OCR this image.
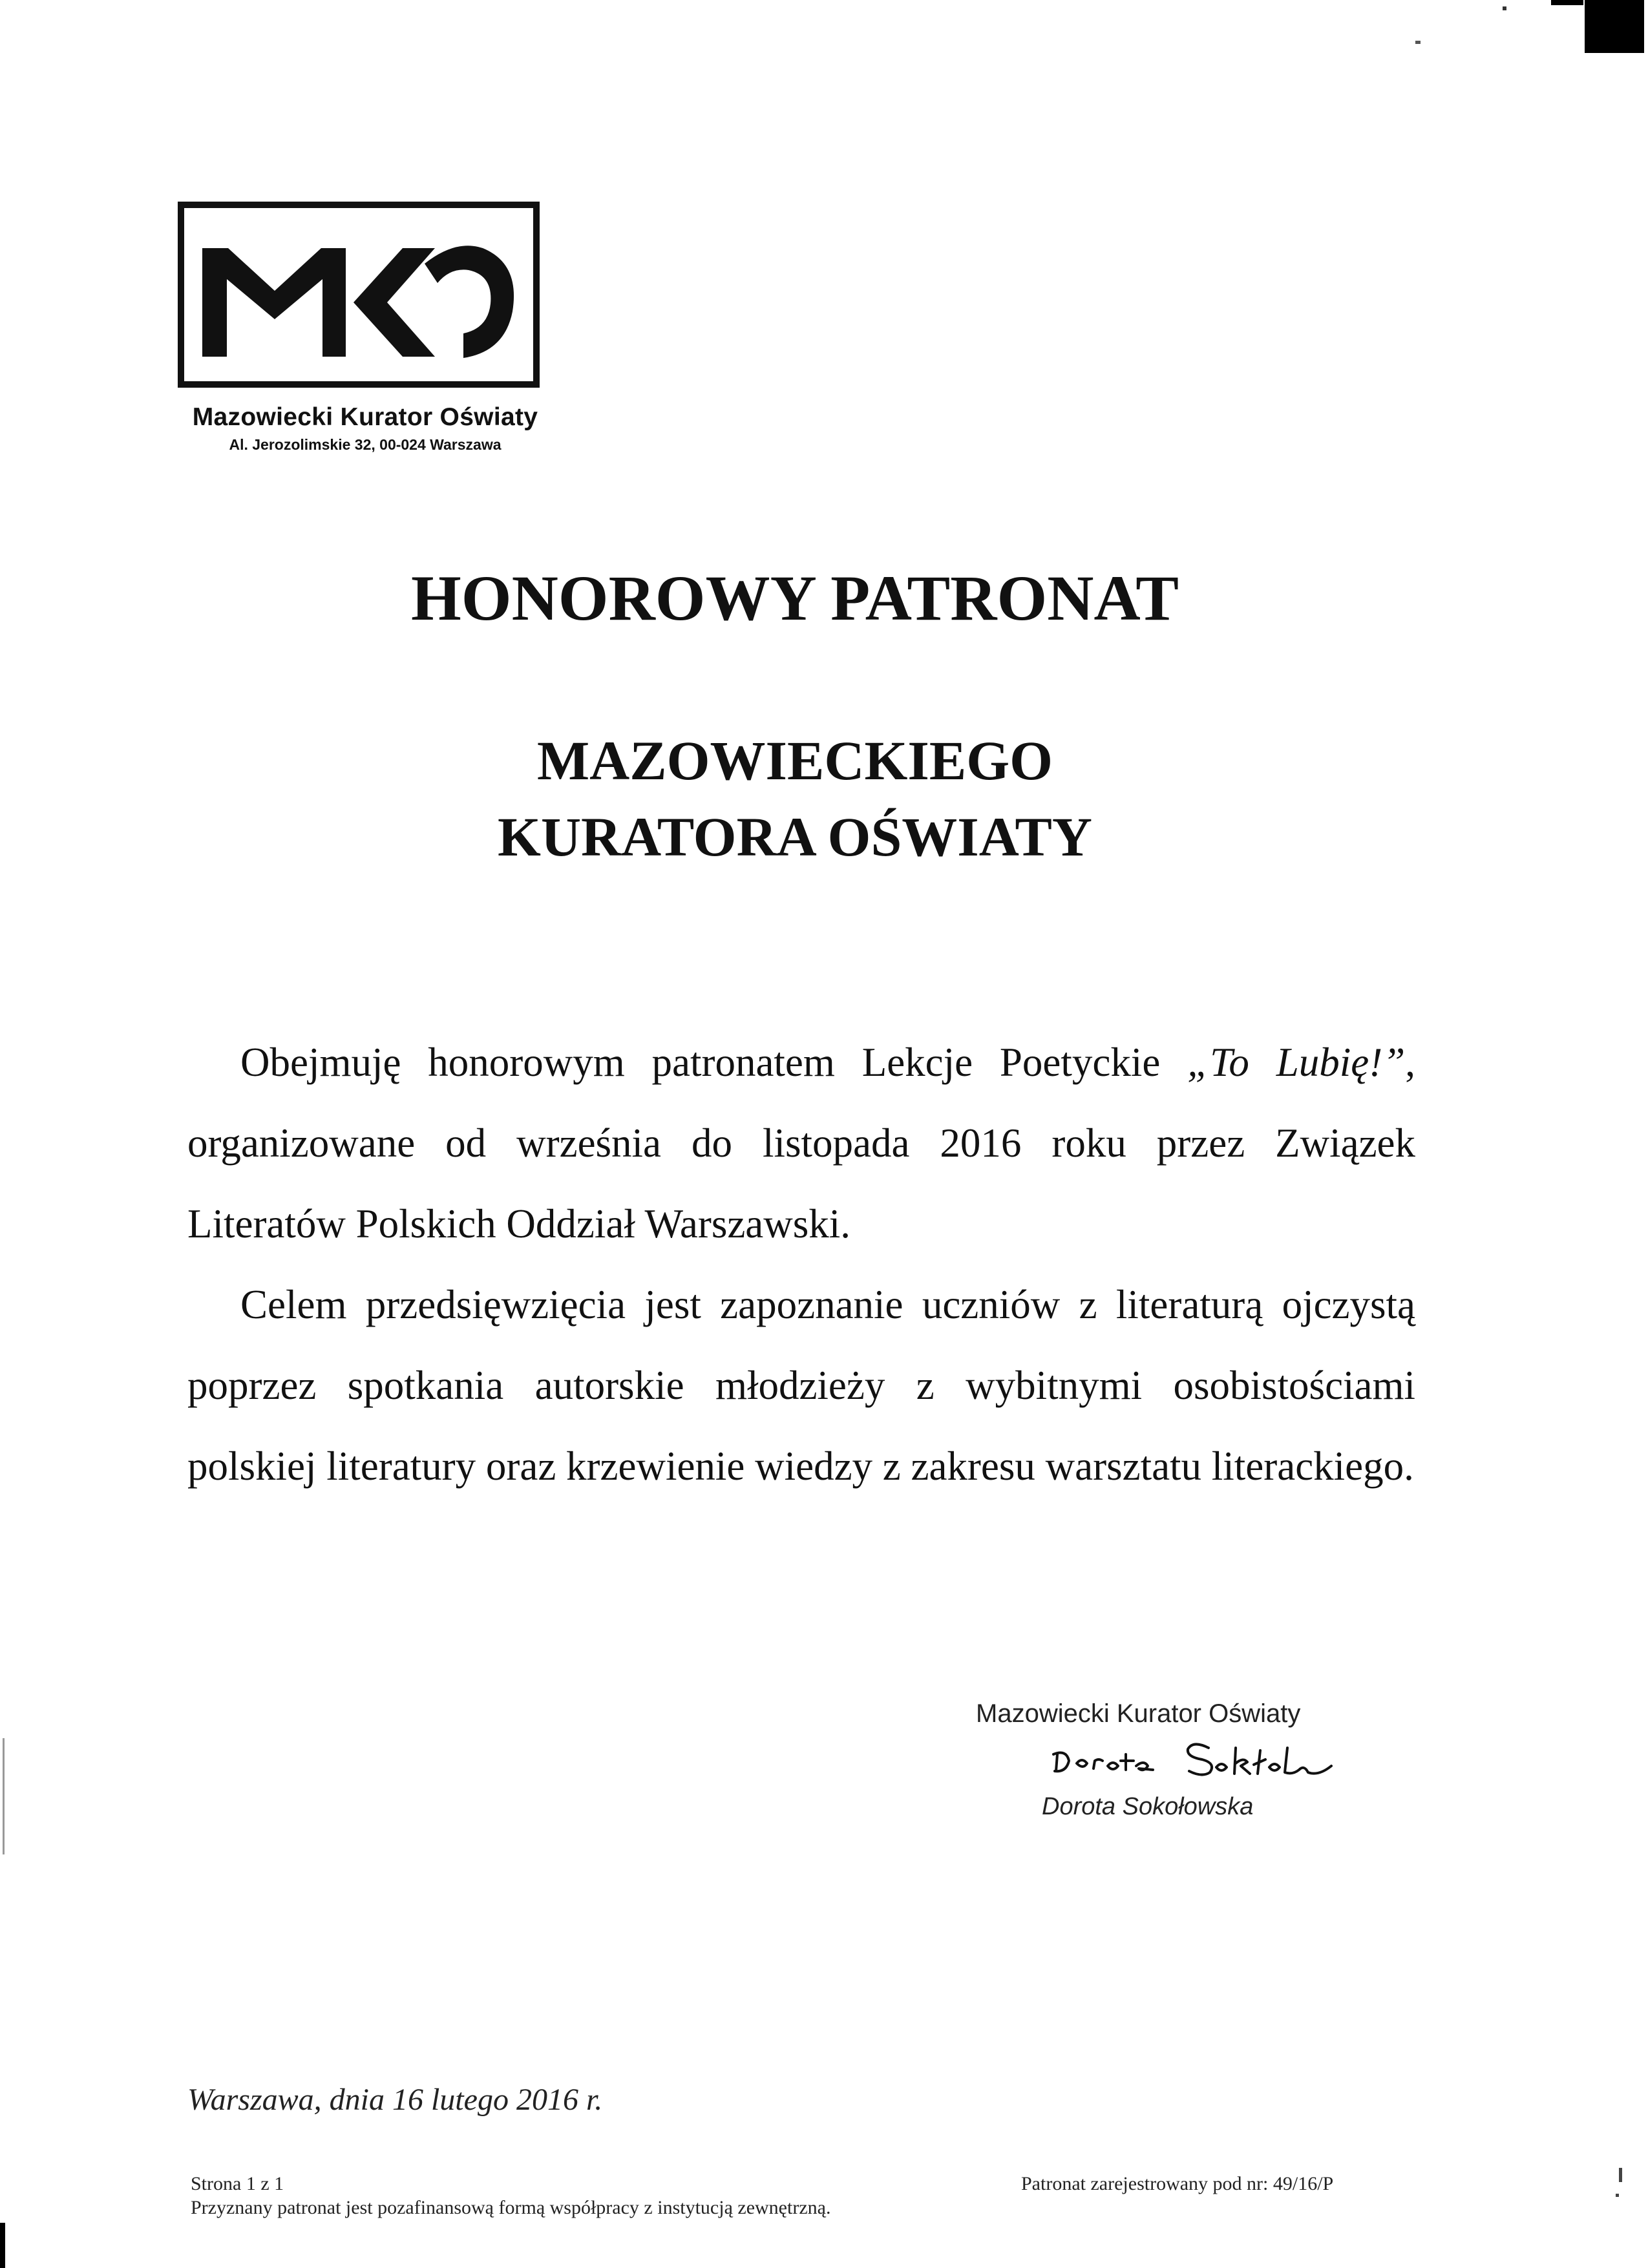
Mazowiecki Kurator Oświaty
Al. Jerozolimskie 32, 00-024 Warszawa
HONOROWY PATRONAT
MAZOWIECKIEGO
KURATORA OŚWIATY

Obejmuję honorowym patronatem Lekcje Poetyckie „To Lubię!”, organizowane od września do listopada 2016 roku przez Związek Literatów Polskich Oddział Warszawski.

Celem przedsięwzięcia jest zapoznanie uczniów z literaturą ojczystą poprzez spotkania autorskie młodzieży z wybitnymi osobistościami polskiej literatury oraz krzewienie wiedzy z zakresu warsztatu literackiego.

Mazowiecki Kurator Oświaty
Dorota Sokołowska
Warszawa, dnia 16 lutego 2016 r.
Strona 1 z 1
Przyznany patronat jest pozafinansową formą współpracy z instytucją zewnętrzną.
Patronat zarejestrowany pod nr: 49/16/P
